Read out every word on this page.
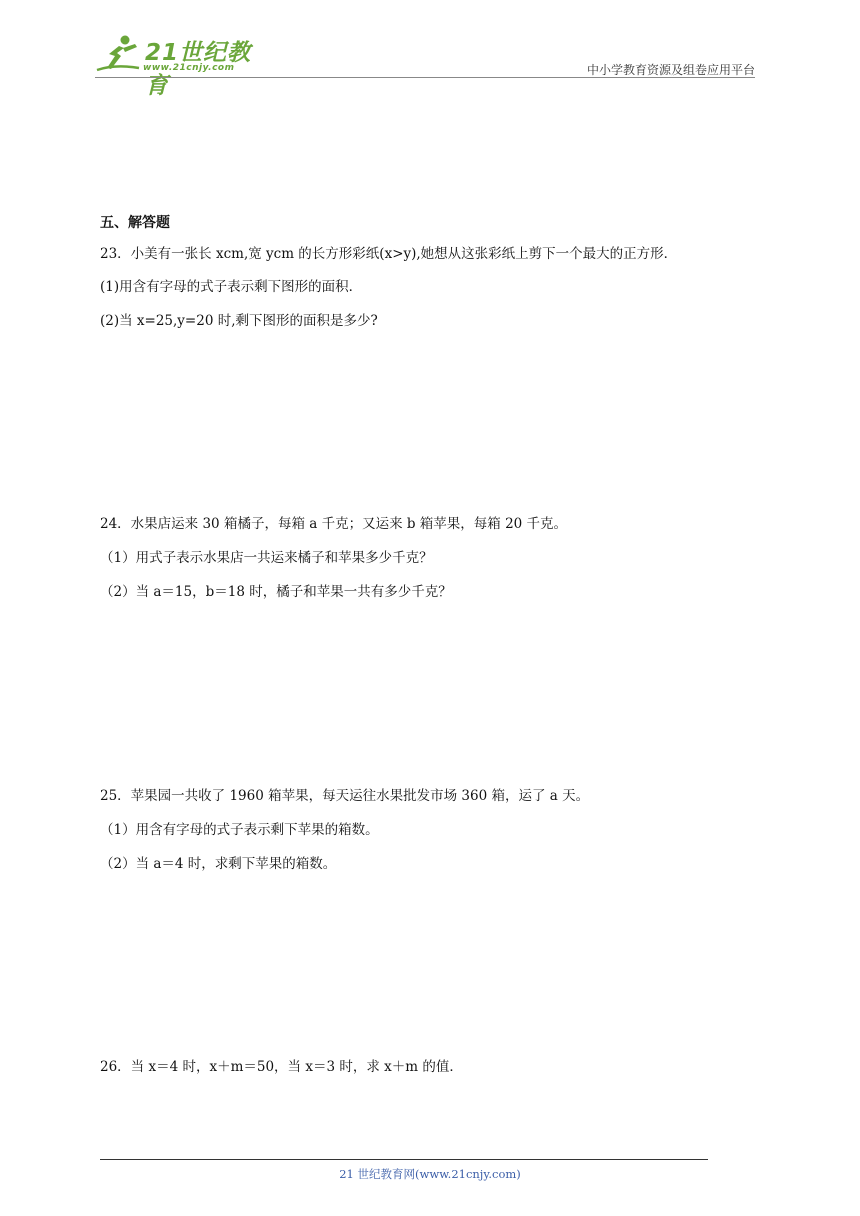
21世纪教育
www.21cnjy.com	中小学教育资源及组卷应用平台
五、解答题
23．小美有一张长 xcm,宽 ycm 的长方形彩纸(x>y),她想从这张彩纸上剪下一个最大的正方形．
(1)用含有字母的式子表示剩下图形的面积．
(2)当 x=25,y=20 时,剩下图形的面积是多少?
24．水果店运来 30 箱橘子，每箱 a 千克；又运来 b 箱苹果，每箱 20 千克。
（1）用式子表示水果店一共运来橘子和苹果多少千克？
（2）当 a＝15，b＝18 时，橘子和苹果一共有多少千克？
25．苹果园一共收了 1960 箱苹果，每天运往水果批发市场 360 箱，运了 a 天。
（1）用含有字母的式子表示剩下苹果的箱数。
（2）当 a＝4 时，求剩下苹果的箱数。
26．当 x＝4 时，x＋m＝50，当 x＝3 时，求 x＋m 的值．
21 世纪教育网(www.21cnjy.com)
